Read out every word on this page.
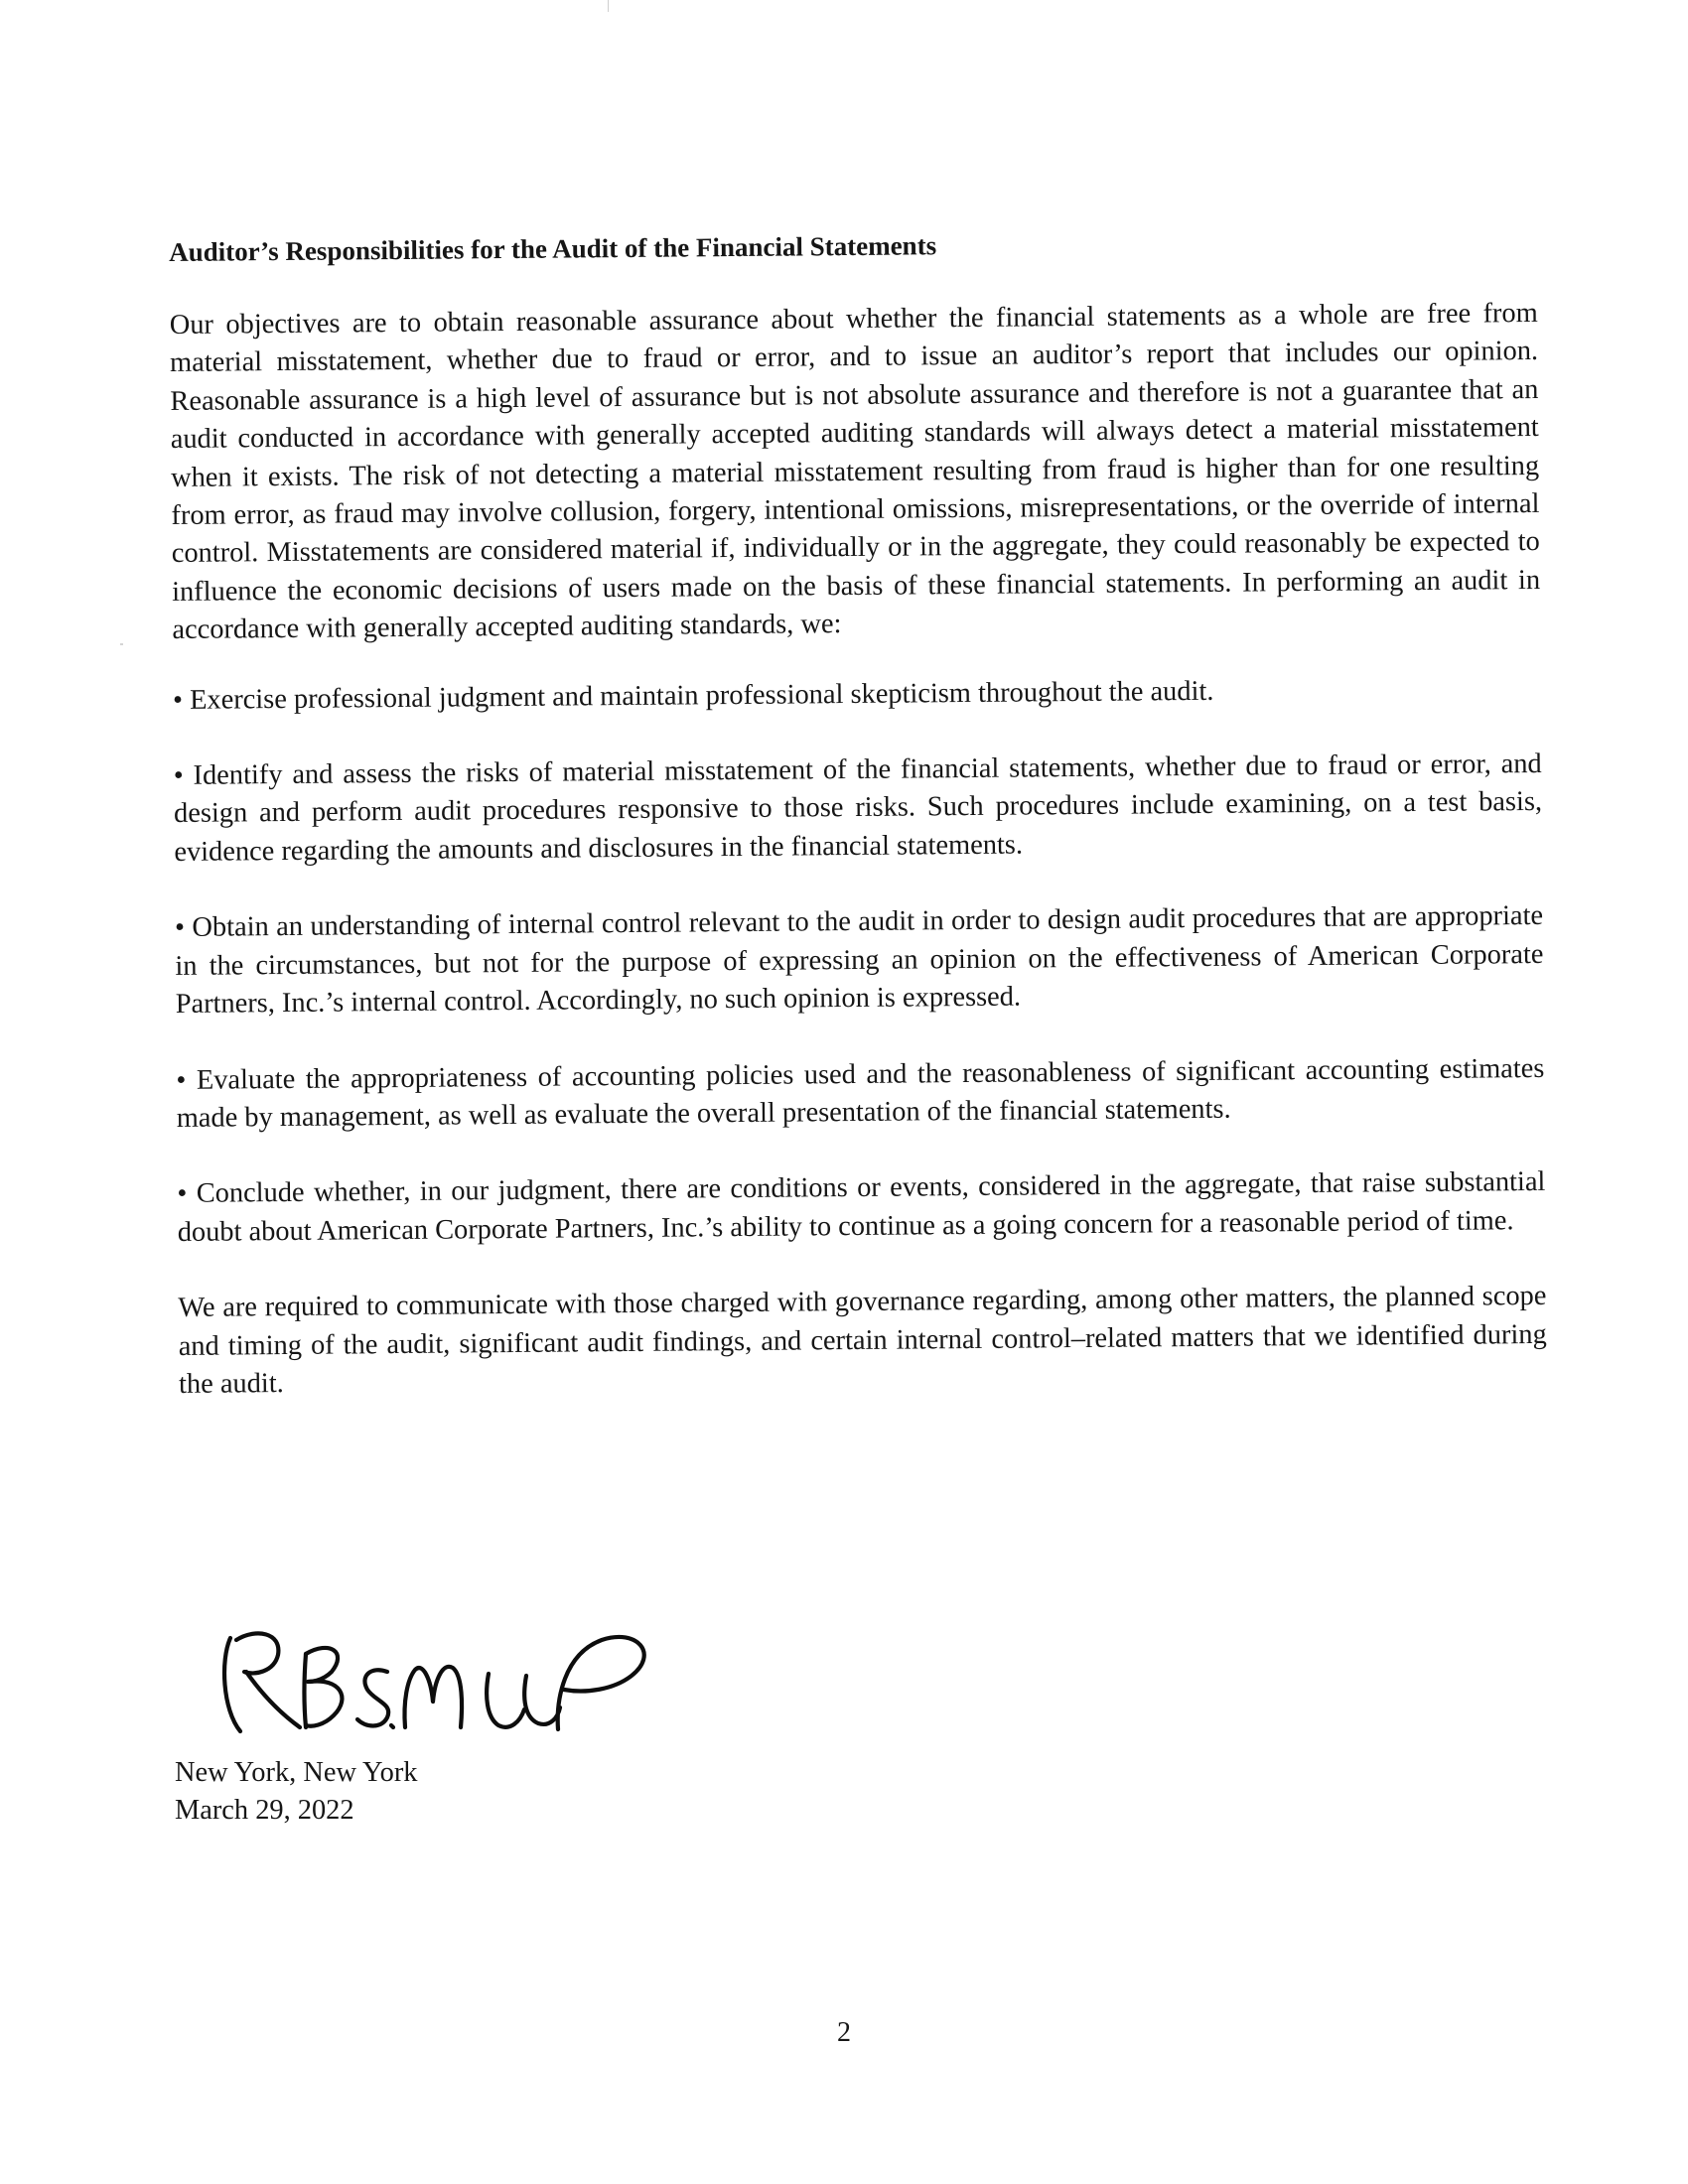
Auditor’s Responsibilities for the Audit of the Financial Statements

Our objectives are to obtain reasonable assurance about whether the financial statements as a whole are free from material misstatement, whether due to fraud or error, and to issue an auditor’s report that includes our opinion. Reasonable assurance is a high level of assurance but is not absolute assurance and therefore is not a guarantee that an audit conducted in accordance with generally accepted auditing standards will always detect a material misstatement when it exists. The risk of not detecting a material misstatement resulting from fraud is higher than for one resulting from error, as fraud may involve collusion, forgery, intentional omissions, misrepresentations, or the override of internal control. Misstatements are considered material if, individually or in the aggregate, they could reasonably be expected to influence the economic decisions of users made on the basis of these financial statements. In performing an audit in accordance with generally accepted auditing standards, we:

• Exercise professional judgment and maintain professional skepticism throughout the audit.

• Identify and assess the risks of material misstatement of the financial statements, whether due to fraud or error, and design and perform audit procedures responsive to those risks. Such procedures include examining, on a test basis, evidence regarding the amounts and disclosures in the financial statements.

• Obtain an understanding of internal control relevant to the audit in order to design audit procedures that are appropriate in the circumstances, but not for the purpose of expressing an opinion on the effectiveness of American Corporate Partners, Inc.’s internal control. Accordingly, no such opinion is expressed.

• Evaluate the appropriateness of accounting policies used and the reasonableness of significant accounting estimates made by management, as well as evaluate the overall presentation of the financial statements.

• Conclude whether, in our judgment, there are conditions or events, considered in the aggregate, that raise substantial doubt about American Corporate Partners, Inc.’s ability to continue as a going concern for a reasonable period of time.

We are required to communicate with those charged with governance regarding, among other matters, the planned scope and timing of the audit, significant audit findings, and certain internal control–related matters that we identified during the audit.

New York, New York
March 29, 2022
2
